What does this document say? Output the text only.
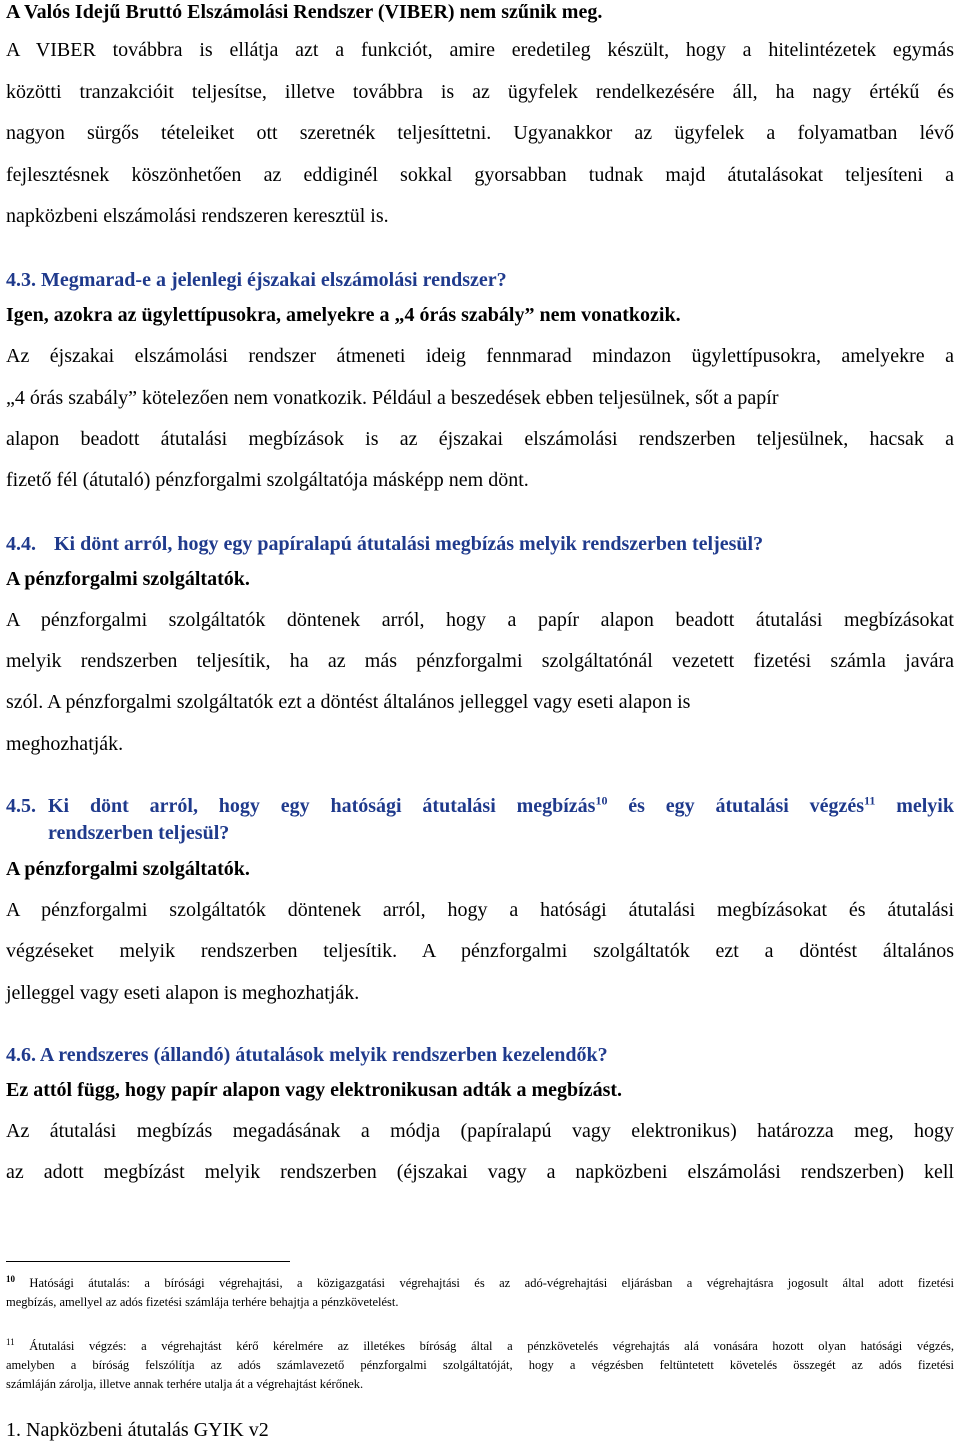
A Valós Idejű Bruttó Elszámolási Rendszer (VIBER) nem szűnik meg.
A VIBER továbbra is ellátja azt a funkciót, amire eredetileg készült, hogy a hitelintézetek egymás
közötti tranzakcióit teljesítse, illetve továbbra is az ügyfelek rendelkezésére áll, ha nagy értékű és
nagyon sürgős tételeiket ott szeretnék teljesíttetni. Ugyanakkor az ügyfelek a folyamatban lévő
fejlesztésnek köszönhetően az eddiginél sokkal gyorsabban tudnak majd átutalásokat teljesíteni a
napközbeni elszámolási rendszeren keresztül is.
4.3. Megmarad-e a jelenlegi éjszakai elszámolási rendszer?
Igen, azokra az ügylettípusokra, amelyekre a „4 órás szabály” nem vonatkozik.
Az éjszakai elszámolási rendszer átmeneti ideig fennmarad mindazon ügylettípusokra, amelyekre a
„4 órás szabály” kötelezően nem vonatkozik. Például a beszedések ebben teljesülnek, sőt a papír
alapon beadott átutalási megbízások is az éjszakai elszámolási rendszerben teljesülnek, hacsak a
fizető fél (átutaló) pénzforgalmi szolgáltatója másképp nem dönt.
4.4. Ki dönt arról, hogy egy papíralapú átutalási megbízás melyik rendszerben teljesül?
A pénzforgalmi szolgáltatók.
A pénzforgalmi szolgáltatók döntenek arról, hogy a papír alapon beadott átutalási megbízásokat
melyik rendszerben teljesítik, ha az más pénzforgalmi szolgáltatónál vezetett fizetési számla javára
szól. A pénzforgalmi szolgáltatók ezt a döntést általános jelleggel vagy eseti alapon is
meghozhatják.
4.5. Ki dönt arról, hogy egy hatósági átutalási megbízás$^{10}$ és egy átutalási végzés$^{11}$ melyik
rendszerben teljesül?
A pénzforgalmi szolgáltatók.
A pénzforgalmi szolgáltatók döntenek arról, hogy a hatósági átutalási megbízásokat és átutalási
végzéseket melyik rendszerben teljesítik. A pénzforgalmi szolgáltatók ezt a döntést általános
jelleggel vagy eseti alapon is meghozhatják.
4.6. A rendszeres (állandó) átutalások melyik rendszerben kezelendők?
Ez attól függ, hogy papír alapon vagy elektronikusan adták a megbízást.
Az átutalási megbízás megadásának a módja (papíralapú vagy elektronikus) határozza meg, hogy
az adott megbízást melyik rendszerben (éjszakai vagy a napközbeni elszámolási rendszerben) kell
$^{10}$ Hatósági átutalás: a bírósági végrehajtási, a közigazgatási végrehajtási és az adó-végrehajtási eljárásban a végrehajtásra jogosult által adott fizetési
megbízás, amellyel az adós fizetési számlája terhére behajtja a pénzkövetelést.
$^{11}$ Átutalási végzés: a végrehajtást kérő kérelmére az illetékes bíróság által a pénzkövetelés végrehajtás alá vonására hozott olyan hatósági végzés,
amelyben a bíróság felszólítja az adós számlavezető pénzforgalmi szolgáltatóját, hogy a végzésben feltüntetett követelés összegét az adós fizetési
számláján zárolja, illetve annak terhére utalja át a végrehajtást kérőnek.
1. Napközbeni átutalás GYIK v2
